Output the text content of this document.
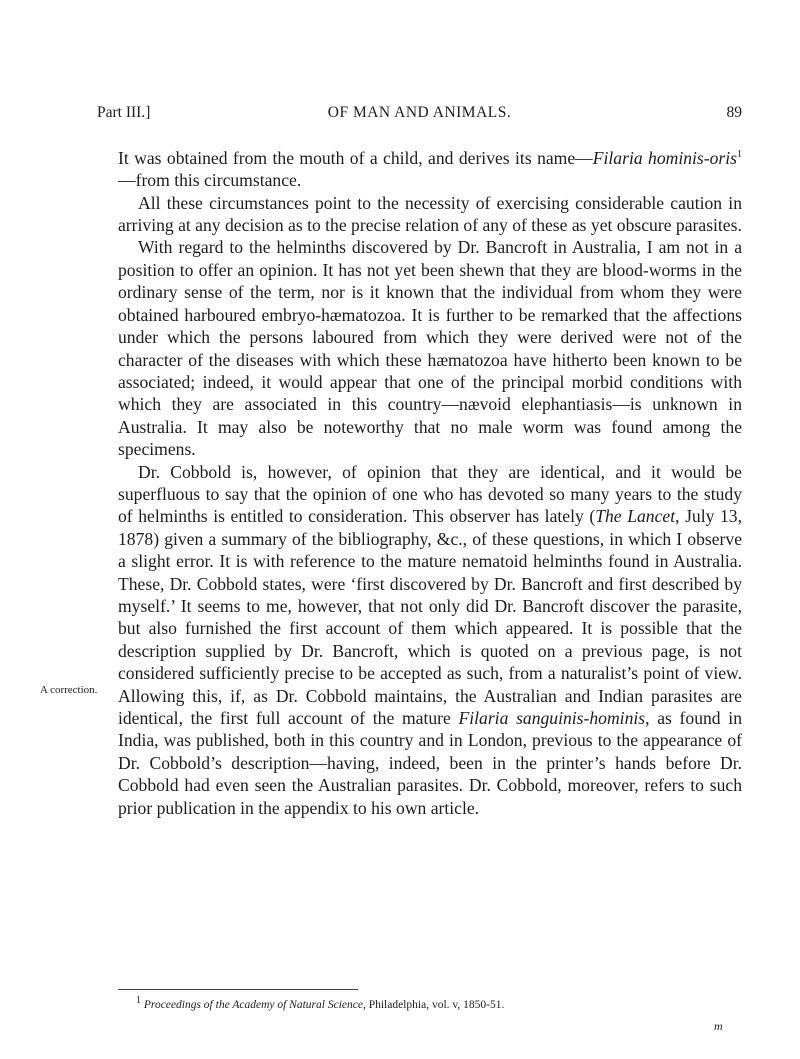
Part III.]	OF MAN AND ANIMALS.	89

It was obtained from the mouth of a child, and derives its name—Filaria hominis-oris$^1$—from this circumstance.

All these circumstances point to the necessity of exercising considerable caution in arriving at any decision as to the precise relation of any of these as yet obscure parasites.

With regard to the helminths discovered by Dr. Bancroft in Australia, I am not in a position to offer an opinion. It has not yet been shewn that they are blood-worms in the ordinary sense of the term, nor is it known that the individual from whom they were obtained harboured embryo-hæmatozoa. It is further to be remarked that the affections under which the persons laboured from which they were derived were not of the character of the diseases with which these hæmatozoa have hitherto been known to be associated; indeed, it would appear that one of the principal morbid conditions with which they are associated in this country—nævoid elephantiasis—is unknown in Australia. It may also be noteworthy that no male worm was found among the specimens.

Dr. Cobbold is, however, of opinion that they are identical, and it would be superfluous to say that the opinion of one who has devoted so many years to the study of helminths is entitled to consideration. This observer has lately (The Lancet, July 13, 1878) given a summary of the bibliography, &c., of these questions, in which I observe a slight error. It is with reference to the mature nematoid helminths found in Australia. These, Dr. Cobbold states, were ‘first discovered by Dr. Bancroft and first described by myself.’ It seems to me, however, that not only did Dr. Bancroft discover the parasite, but also furnished the first account of them which appeared. It is possible that the description supplied by Dr. Bancroft, which is quoted on a previous page, is not considered sufficiently precise to be accepted as such, from a naturalist’s point of view. Allowing this, if, as Dr. Cobbold maintains, the Australian and Indian parasites are identical, the first full account of the mature Filaria sanguinis-hominis, as found in India, was published, both in this country and in London, previous to the appearance of Dr. Cobbold’s description—having, indeed, been in the printer’s hands before Dr. Cobbold had even seen the Australian parasites. Dr. Cobbold, moreover, refers to such prior publication in the appendix to his own article.

A correction.
$^1$ Proceedings of the Academy of Natural Science, Philadelphia, vol. v, 1850-51.
m
